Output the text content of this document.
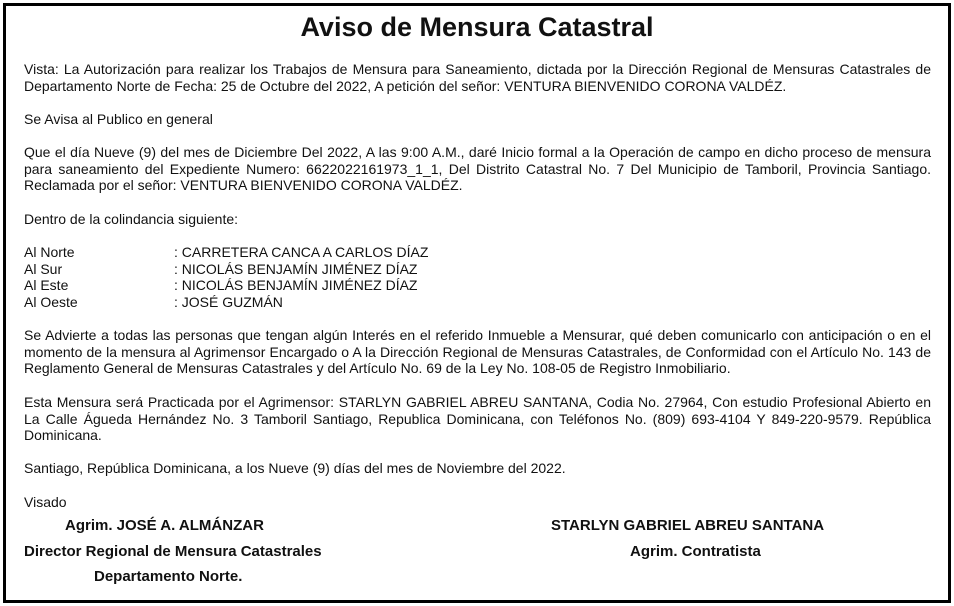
Aviso de Mensura Catastral
Vista: La Autorización para realizar los Trabajos de Mensura para Saneamiento, dictada por la Dirección Regional de Mensuras Catastrales de Departamento Norte de Fecha: 25 de Octubre del 2022, A petición del señor: VENTURA BIENVENIDO CORONA VALDÉZ.
Se Avisa al Publico en general
Que el día Nueve (9) del mes de Diciembre Del 2022, A las 9:00 A.M., daré Inicio formal a la Operación de campo en dicho proceso de mensura para saneamiento del Expediente Numero: 6622022161973_1_1, Del Distrito Catastral No. 7 Del Municipio de Tamboril, Provincia Santiago. Reclamada por el señor: VENTURA BIENVENIDO CORONA VALDÉZ.
Dentro de la colindancia siguiente:
Al Norte	: CARRETERA CANCA A CARLOS DÍAZ
Al Sur	: NICOLÁS BENJAMÍN JIMÉNEZ DÍAZ
Al Este	: NICOLÁS BENJAMÍN JIMÉNEZ DÍAZ
Al Oeste	: JOSÉ GUZMÁN
Se Advierte a todas las personas que tengan algún Interés en el referido Inmueble a Mensurar, qué deben comunicarlo con anticipación o en el momento de la mensura al Agrimensor Encargado o A la Dirección Regional de Mensuras Catastrales, de Conformidad con el Artículo No. 143 de Reglamento General de Mensuras Catastrales y del Artículo No. 69 de la Ley No. 108-05 de Registro Inmobiliario.
Esta Mensura será Practicada por el Agrimensor: STARLYN GABRIEL ABREU SANTANA, Codia No. 27964, Con estudio Profesional Abierto en La Calle Águeda Hernández No. 3 Tamboril Santiago, Republica Dominicana, con Teléfonos No. (809) 693-4104 Y 849-220-9579. República Dominicana.
Santiago, República Dominicana, a los Nueve (9) días del mes de Noviembre del 2022.
Visado
Agrim. JOSÉ A. ALMÁNZAR
Director Regional de Mensura Catastrales
Departamento Norte.
STARLYN GABRIEL ABREU SANTANA
Agrim. Contratista
